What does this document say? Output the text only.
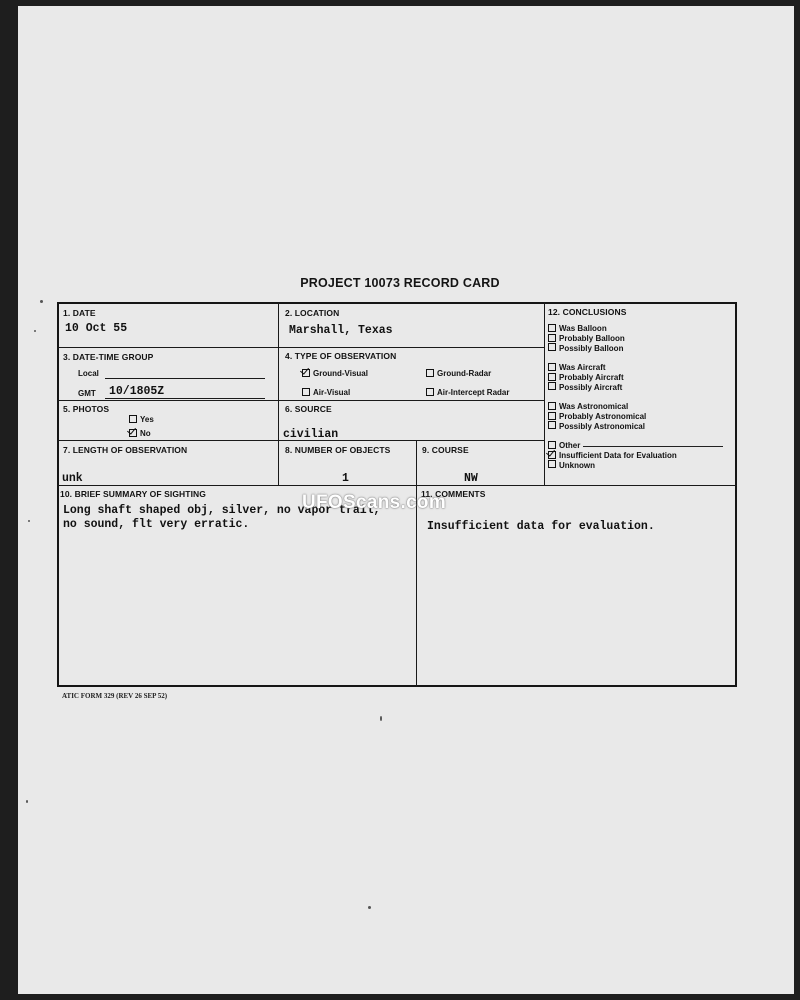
PROJECT 10073 RECORD CARD
1. DATE
10 Oct 55
2. LOCATION
Marshall, Texas
3. DATE-TIME GROUP
Local
GMT 10/1805Z
4. TYPE OF OBSERVATION
Ground-Visual	Ground-Radar
Air-Visual	Air-Intercept Radar
5. PHOTOS
Yes
No
6. SOURCE
civilian
7. LENGTH OF OBSERVATION
unk
8. NUMBER OF OBJECTS
1
9. COURSE
NW
10. BRIEF SUMMARY OF SIGHTING
Long shaft shaped obj, silver, no vapor trail,
no sound, flt very erratic.
11. COMMENTS
Insufficient data for evaluation.
12. CONCLUSIONS
Was Balloon
Probably Balloon
Possibly Balloon
Was Aircraft
Probably Aircraft
Possibly Aircraft
Was Astronomical
Probably Astronomical
Possibly Astronomical
Other
Insufficient Data for Evaluation
Unknown
ATIC FORM 329 (REV 26 SEP 52)
UFOScans.com
